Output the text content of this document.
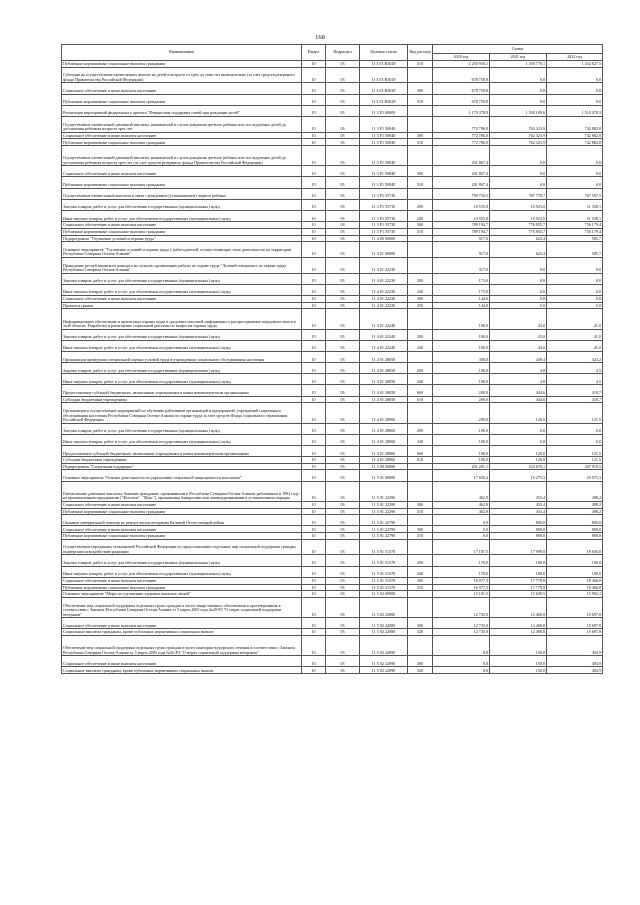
168
Наименование	Раздел	Подраздел	Целевая статья	Вид расхода	Сумма		
					2020 год	2021 год	2022 год
Публичные нормативные социальные выплаты гражданам	10	03	11 3 03 R302F	310	2 250 936,1	1 359 770,1	1 432 627,5
Субсидия на осуществление ежемесячных выплат на детей в возрасте от трёх до семи лет включительно (за счет средств резервного фонда Правительства Российской Федерации)	10	03	11 3 03 R302F		678 750,8	0,0	0,0
Социальное обеспечение и иные выплаты населению	10	03	11 3 03 R302F	300	678 750,8	0,0	0,0
Публичные нормативные социальные выплаты гражданам	10	03	11 3 03 R302F	310	678 750,8	0,0	0,0
Реализация мероприятий федерального проекта "Финансовая поддержка семей при рождении детей"	10	03	11 3 P1 00000		1 179 378,9	1 550 109,6	1 510 478,3
Осуществление ежемесячной денежной выплаты, назначаемой в случае рождения третьего ребенка или последующих детей до достижения ребенком возраста трех лет	10	03	11 3 P1 50840		772 786,0	762 323,9	742 882,8
Социальное обеспечение и иные выплаты населению	10	03	11 3 P1 50840	300	772 786,0	762 323,9	742 882,8
Публичные нормативные социальные выплаты гражданам	10	03	11 3 P1 50840	310	772 786,0	762 323,9	742 882,8
Осуществление ежемесячной денежной выплаты, назначаемой в случае рождения третьего ребенка или последующих детей до достижения ребенком возраста трех лет (за счет средств резервного фонда Правительства Российской Федерации)	10	03	11 3 P1 5084F		201 867,4	0,0	0,0
Социальное обеспечение и иные выплаты населению	10	03	11 3 P1 5084F	300	201 867,4	0,0	0,0
Публичные нормативные социальные выплаты гражданам	10	03	11 3 P1 5084F	310	201 867,4	0,0	0,0
Осуществление ежемесячной выплаты в связи с рождением (усыновлением) первого ребенка	10	03	11 3 P1 55730		799 750,5	787 778,7	767 597,5
Закупка товаров, работ и услуг для обеспечения государственных (муниципальных) нужд	10	03	11 3 P1 55730	200	10 555,8	10 923,0	11 338,1
Иные закупки товаров, работ и услуг для обеспечения государственных (муниципальных) нужд	10	03	11 3 P1 55730	240	10 555,8	10 923,0	11 338,1
Социальное обеспечение и иные выплаты населению	10	03	11 3 P1 55730	300	789 194,7	776 855,7	756 179,4
Публичные нормативные социальные выплаты гражданам	10	03	11 3 P1 55730	310	789 194,7	776 855,7	756 179,4
Подпрограмма "Улучшение условий и охраны труда"	10	03	11 4 00 00000		917,0	623,4	585,7
Основное мероприятие "Улучшение условий и охраны труда у работодателей, осуществляющих свою деятельность на территории Республики Северная Осетия-Алания"	10	03	11 4 01 00000		917,0	623,4	585,7
Проведение республиканского конкурса на лучшую организацию работы по охране труда "Лучший специалист по охране труда Республики Северная Осетия-Алания"	10	03	11 4 01 22230		317,0	0,0	0,0
Закупка товаров, работ и услуг для обеспечения государственных (муниципальных) нужд	10	03	11 4 01 22230	200	173,0	0,0	0,0
Иные закупки товаров, работ и услуг для обеспечения государственных (муниципальных) нужд	10	03	11 4 01 22230	240	173,0	0,0	0,0
Социальное обеспечение и иные выплаты населению	10	03	11 4 01 22230	300	144,0	0,0	0,0
Премии и гранты	10	03	11 4 01 22230	350	144,0	0,0	0,0
Информационное обеспечение и пропаганда охраны труда в средствах массовой информации и распространение передового опыта в этой области. Разработка и размещение социальной рекламы по вопросам охраны труда	10	03	11 4 01 22240		100,0	43,0	41,0
Закупка товаров, работ и услуг для обеспечения государственных (муниципальных) нужд	10	03	11 4 01 22240	200	100,0	43,0	41,0
Иные закупки товаров, работ и услуг для обеспечения государственных (муниципальных) нужд	10	03	11 4 01 22240	240	100,0	43,0	41,0
Организация проведения специальной оценки условий труда в учреждениях социального обслуживания населения	10	03	11 4 01 28050		300,0	449,4	423,2
Закупка товаров, работ и услуг для обеспечения государственных (муниципальных) нужд	10	03	11 4 01 28050	200	100,0	4,8	4,5
Иные закупки товаров, работ и услуг для обеспечения государственных (муниципальных) нужд	10	03	11 4 01 28050	240	100,0	4,8	4,5
Предоставление субсидий бюджетным, автономным учреждениям и иным некоммерческим организациям	10	03	11 4 01 28050	600	200,0	444,6	418,7
Субсидии бюджетным учреждениям	10	03	11 4 01 28050	610	200,0	444,6	418,7
Организация и осуществление мероприятий по обучению работников организаций и предприятий, учреждений социального обслуживания населения Республики Северная Осетия-Алания по охране труда за счет средств Фонда социального страхования Российской Федерации	10	03	11 4 01 28060		200,0	120,0	121,5
Закупка товаров, работ и услуг для обеспечения государственных (муниципальных) нужд	10	03	11 4 01 28060	200	100,0	0,0	0,0
Иные закупки товаров, работ и услуг для обеспечения государственных (муниципальных) нужд	10	03	11 4 01 28060	240	100,0	0,0	0,0
Предоставление субсидий бюджетным, автономным учреждениям и иным некоммерческим организациям	10	03	11 4 01 28060	600	100,0	120,0	121,5
Субсидии бюджетным учреждениям	10	03	11 4 01 28060	610	100,0	120,0	121,5
Подпрограмма "Социальная поддержка"	10	03	11 5 00 00000		201 201,1	233 670,1	267 918,5
Основное мероприятие "Основы деятельности по укреплению социальной защищенности населения"	10	03	11 5 01 00000		17 650,4	19 273,3	20 075,3
Ежемесячные денежные выплаты, бывшим гражданам, проживавшим в Республике Северная Осетия-Алания, работавшим в 1992 году на промышленном предприятии ("Фиолент", "Мукс"), признанным банкротами или ликвидированными в установленном порядке	10	03	11 5 01 22290		462,9	453,4	498,2
Социальное обеспечение и иные выплаты населению	10	03	11 5 01 22290	300	462,9	453,4	498,2
Публичные нормативные социальные выплаты гражданам	10	03	11 5 01 22290	310	462,9	453,4	498,2
Оказание материальной помощи на ремонт жилья ветеранам Великой Отечественной войны	10	03	11 5 01 22790		0,0	800,0	800,0
Социальное обеспечение и иные выплаты населению	10	03	11 5 01 22790	300	0,0	800,0	800,0
Публичные нормативные социальные выплаты гражданам	10	03	11 5 01 22790	310	0,0	800,0	800,0
Осуществление переданных полномочий Российской Федерации по предоставлению отдельных мер социальной поддержки граждан, подвергшихся воздействию радиации	10	03	11 5 01 51370		17 187,5	17 999,8	18 656,8
Закупка товаров, работ и услуг для обеспечения государственных (муниципальных) нужд	10	03	11 5 01 51370	200	170,0	180,0	190,0
Иные закупки товаров, работ и услуг для обеспечения государственных (муниципальных) нужд	10	03	11 5 01 51370	240	170,0	180,0	190,0
Социальное обеспечение и иные выплаты населению	10	03	11 5 01 51370	300	16 977,5	17 779,8	18 466,8
Публичные нормативные социальные выплаты гражданам	10	03	11 5 01 51370	310	16 977,5	17 779,8	18 466,8
Основное мероприятие "Меры по улучшению здоровья пожилых людей"	10	03	11 5 02 00000		15 101,5	15 639,5	15 992,3
Обеспечение мер социальной поддержки отдельных групп граждан в части лекарственного обеспечения и протезирования в соответствии с Законом Республики Северная Осетия-Алания от 5 марта 2005 года №20-РЗ "О мерах социальной поддержки ветеранов"	10	03	11 5 02 22080		12 735,0	12 400,8	10 697,8
Социальное обеспечение и иные выплаты населению	10	03	11 5 02 22080	300	12 735,0	12 400,8	10 697,8
Социальные выплаты гражданам, кроме публичных нормативных социальных выплат	10	03	11 5 02 22080	320	12 735,0	12 400,8	10 697,8
Обеспечение мер социальной поддержки отдельных групп граждан в части санаторно-курортного лечения в соответствии с Законом Республики Северная Осетия-Алания от 5 марта 2005 года №20-РЗ "О мерах социальной поддержки ветеранов"	10	03	11 5 02 22090		0,0	150,0	404,9
Социальное обеспечение и иные выплаты населению	10	03	11 5 02 22090	300	0,0	150,0	404,9
Социальные выплаты гражданам, кроме публичных нормативных социальных выплат	10	03	11 5 02 22090	320	0,0	150,0	404,9
